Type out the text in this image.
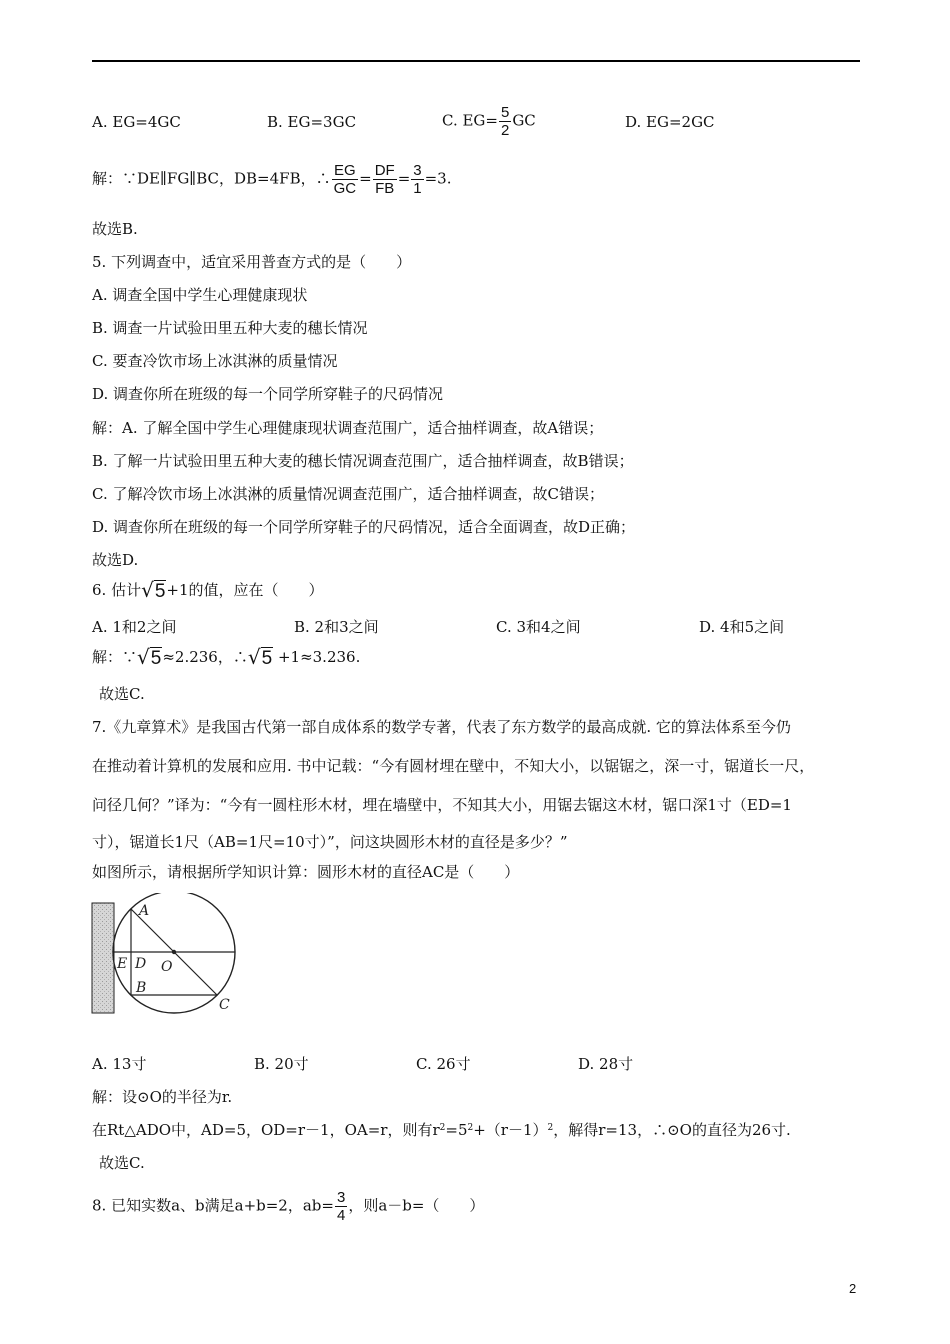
A. EG=4GC	B. EG=3GC	C. $EG= \frac{5}{2}$ GC	D. EG=2GC
解：∵DE∥FG∥BC，DB=4FB，∴ $\frac{EG}{GC} = \frac{DF}{FB} = \frac{3}{1} =3$.
故选B.
5. 下列调查中，适宜采用普查方式的是（　　）
A. 调查全国中学生心理健康现状
B. 调查一片试验田里五种大麦的穗长情况
C. 要查冷饮市场上冰淇淋的质量情况
D. 调查你所在班级的每一个同学所穿鞋子的尺码情况
解：A. 了解全国中学生心理健康现状调查范围广，适合抽样调查，故A错误；
B. 了解一片试验田里五种大麦的穗长情况调查范围广，适合抽样调查，故B错误；
C. 了解冷饮市场上冰淇淋的质量情况调查范围广，适合抽样调查，故C错误；
D. 调查你所在班级的每一个同学所穿鞋子的尺码情况，适合全面调查，故D正确；
故选D.
6. 估计√5+1的值，应在（　　）
A. 1和2之间	B. 2和3之间	C. 3和4之间	D. 4和5之间
解：∵√5≈2.236，∴√5 +1≈3.236.
故选C.
7.《九章算术》是我国古代第一部自成体系的数学专著，代表了东方数学的最高成就. 它的算法体系至今仍
在推动着计算机的发展和应用. 书中记载：“今有圆材埋在壁中，不知大小，以锯锯之，深一寸，锯道长一尺，
问径几何？”译为：“今有一圆柱形木材，埋在墙壁中，不知其大小，用锯去锯这木材，锯口深1寸（ED=1
寸），锯道长1尺（AB=1尺=10寸）”，问这块圆形木材的直径是多少？”
如图所示，请根据所学知识计算：圆形木材的直径AC是（　　）
A
E D O
B
C
A. 13寸	B. 20寸	C. 26寸	D. 28寸
解：设⊙O的半径为r.
在Rt△ADO中，AD=5，OD=r－1，OA=r，则有$r^2=5^2+(r-1)^2$，解得r=13，∴⊙O的直径为26寸.
故选C.
8. 已知实数a、b满足a+b=2，$ab= \frac{3}{4}$ ，则a－b=（　　）
2
